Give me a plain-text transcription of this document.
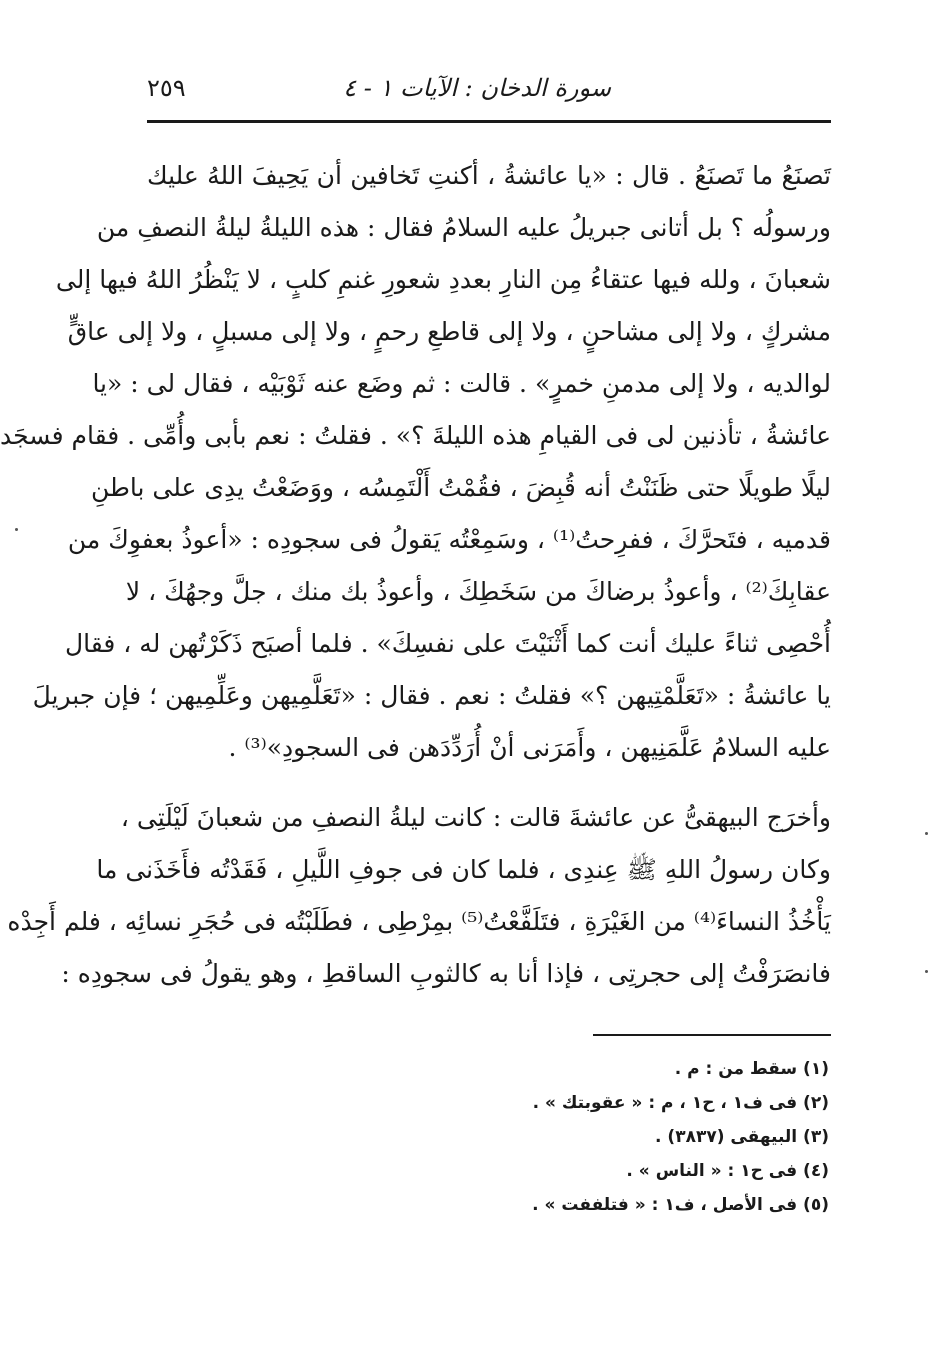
سورة الدخان : الآيات ١ - ٤
٢٥٩
تَصنَعُ ما تَصنَعُ . قال : «يا عائشةُ ، أكنتِ تَخافين أن يَحِيفَ اللهُ عليك
ورسولُه ؟ بل أتانى جبريلُ عليه السلامُ فقال : هذه الليلةُ ليلةُ النصفِ من
شعبانَ ، ولله فيها عتقاءُ مِن النارِ بعددِ شعورِ غنمِ كلبٍ ، لا يَنْظُرُ اللهُ فيها إلى
مشركٍ ، ولا إلى مشاحنٍ ، ولا إلى قاطعِ رحمٍ ، ولا إلى مسبلٍ ، ولا إلى عاقٍّ
لوالديه ، ولا إلى مدمنِ خمرٍ» . قالت : ثم وضَع عنه ثَوْبَيْه ، فقال لى : «يا
عائشةُ ، تأذنين لى فى القيامِ هذه الليلةَ ؟» . فقلتُ : نعم بأبى وأُمِّى . فقام فسجَد
ليلًا طويلًا حتى ظَنَنْتُ أنه قُبِضَ ، فقُمْتُ أَلْتَمِسُه ، ووَضَعْتُ يدِى على باطنِ
قدميه ، فتَحرَّكَ ، ففرِحتُ⁽¹⁾ ، وسَمِعْتُه يَقولُ فى سجودِه : «أعوذُ بعفوِكَ من
عقابِكَ⁽²⁾ ، وأعوذُ برضاكَ من سَخَطِكَ ، وأعوذُ بك منك ، جلَّ وجهُكَ ، لا
أُحْصِى ثناءً عليك أنت كما أَثْنَيْتَ على نفسِكَ» . فلما أصبَح ذَكَرْتُهن له ، فقال
يا عائشةُ : «تَعَلَّمْتِيهن ؟» فقلتُ : نعم . فقال : «تَعَلَّمِيهن وعَلِّمِيهن ؛ فإن جبريلَ
عليه السلامُ عَلَّمَنِيهن ، وأَمَرَنى أنْ أُرَدِّدَهن فى السجودِ»⁽³⁾ .
وأخرَج البيهقىُّ عن عائشةَ قالت : كانت ليلةُ النصفِ من شعبانَ لَيْلَتِى ،
وكان رسولُ اللهِ ﷺ عِندِى ، فلما كان فى جوفِ اللَّيلِ ، فَقَدْتُه فأَخَذَنى ما
يَأْخُذُ النساءَ⁽⁴⁾ من الغَيْرَةِ ، فتَلَفَّعْتُ⁽⁵⁾ بمِرْطِى ، فطَلَبْتُه فى حُجَرِ نسائِه ، فلم أَجِدْه
فانصَرَفْتُ إلى حجرتِى ، فإذا أنا به كالثوبِ الساقطِ ، وهو يقولُ فى سجودِه :
(١) سقط من : م .
(٢) فى ف١ ، ح١ ، م : « عقوبتك » .
(٣) البيهقى (٣٨٣٧) .
(٤) فى ح١ : « الناس » .
(٥) فى الأصل ، ف١ : « فتلففت » .
